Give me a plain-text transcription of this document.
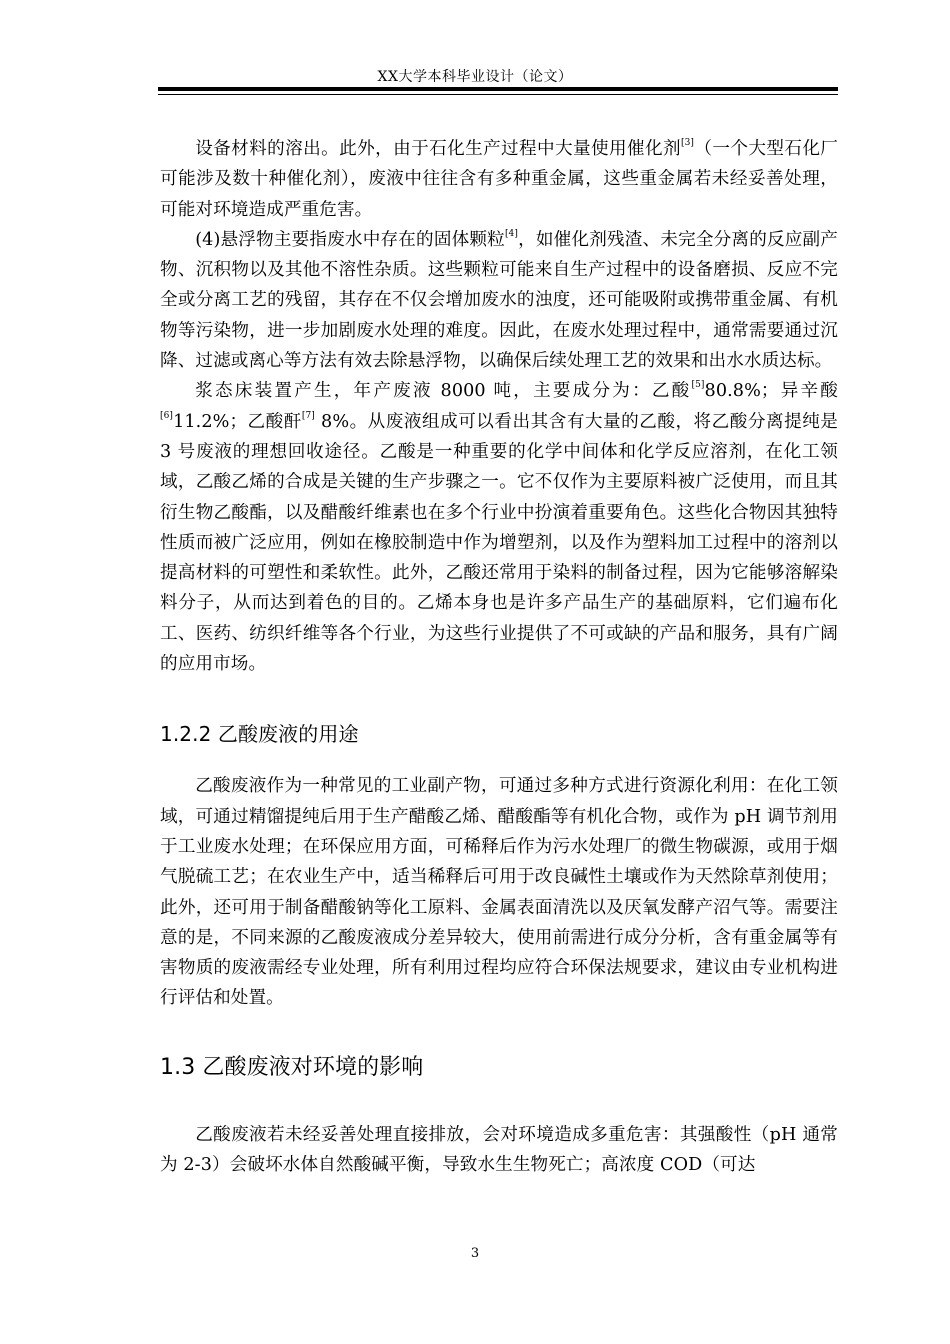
XX大学本科毕业设计（论文）

设备材料的溶出。此外，由于石化生产过程中大量使用催化剂[3]（一个大型石化厂可能涉及数十种催化剂），废液中往往含有多种重金属，这些重金属若未经妥善处理，可能对环境造成严重危害。

(4)悬浮物主要指废水中存在的固体颗粒[4]，如催化剂残渣、未完全分离的反应副产物、沉积物以及其他不溶性杂质。这些颗粒可能来自生产过程中的设备磨损、反应不完全或分离工艺的残留，其存在不仅会增加废水的浊度，还可能吸附或携带重金属、有机物等污染物，进一步加剧废水处理的难度。因此，在废水处理过程中，通常需要通过沉降、过滤或离心等方法有效去除悬浮物，以确保后续处理工艺的效果和出水水质达标。

浆态床装置产生，年产废液 8000 吨，主要成分为：乙酸[5]80.8%；异辛酸[6]11.2%；乙酸酐[7] 8%。从废液组成可以看出其含有大量的乙酸，将乙酸分离提纯是 3 号废液的理想回收途径。乙酸是一种重要的化学中间体和化学反应溶剂，在化工领域，乙酸乙烯的合成是关键的生产步骤之一。它不仅作为主要原料被广泛使用，而且其衍生物乙酸酯，以及醋酸纤维素也在多个行业中扮演着重要角色。这些化合物因其独特性质而被广泛应用，例如在橡胶制造中作为增塑剂，以及作为塑料加工过程中的溶剂以提高材料的可塑性和柔软性。此外，乙酸还常用于染料的制备过程，因为它能够溶解染料分子，从而达到着色的目的。乙烯本身也是许多产品生产的基础原料，它们遍布化工、医药、纺织纤维等各个行业，为这些行业提供了不可或缺的产品和服务，具有广阔的应用市场。

1.2.2 乙酸废液的用途

乙酸废液作为一种常见的工业副产物，可通过多种方式进行资源化利用：在化工领域，可通过精馏提纯后用于生产醋酸乙烯、醋酸酯等有机化合物，或作为 pH 调节剂用于工业废水处理；在环保应用方面，可稀释后作为污水处理厂的微生物碳源，或用于烟气脱硫工艺；在农业生产中，适当稀释后可用于改良碱性土壤或作为天然除草剂使用；此外，还可用于制备醋酸钠等化工原料、金属表面清洗以及厌氧发酵产沼气等。需要注意的是，不同来源的乙酸废液成分差异较大，使用前需进行成分分析，含有重金属等有害物质的废液需经专业处理，所有利用过程均应符合环保法规要求，建议由专业机构进行评估和处置。

1.3 乙酸废液对环境的影响

乙酸废液若未经妥善处理直接排放，会对环境造成多重危害：其强酸性（pH 通常为 2-3）会破坏水体自然酸碱平衡，导致水生生物死亡；高浓度 COD（可达

3
